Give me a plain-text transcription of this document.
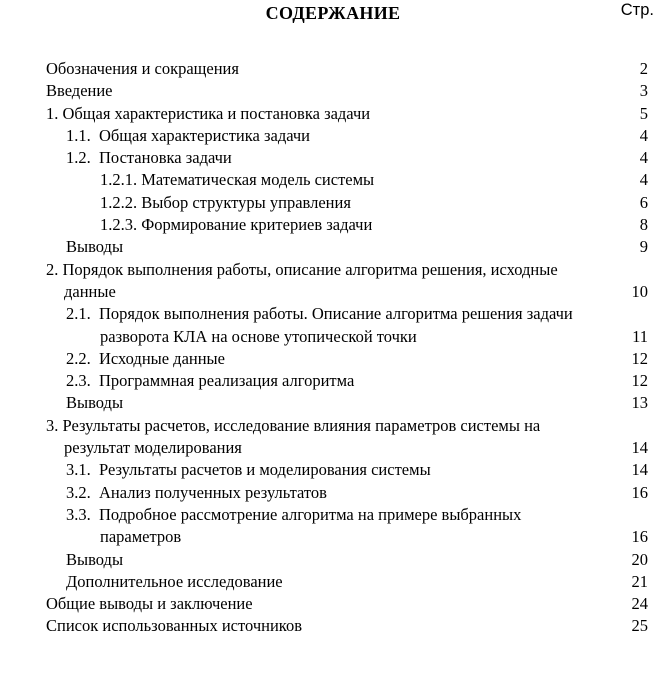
СОДЕРЖАНИЕ	Стр.
Обозначения и сокращения	2
Введение	3
1. Общая характеристика и постановка задачи	5
1.1.  Общая характеристика задачи	4
1.2.  Постановка задачи	4
1.2.1. Математическая модель системы	4
1.2.2. Выбор структуры управления	6
1.2.3. Формирование критериев задачи	8
Выводы	9
2. Порядок выполнения работы, описание алгоритма решения, исходные
данные	10
2.1.  Порядок выполнения работы. Описание алгоритма решения задачи
разворота КЛА на основе утопической точки	11
2.2.  Исходные данные	12
2.3.  Программная реализация алгоритма	12
Выводы	13
3. Результаты расчетов, исследование влияния параметров системы на
результат моделирования	14
3.1.  Результаты расчетов и моделирования системы	14
3.2.  Анализ полученных результатов	16
3.3.  Подробное рассмотрение алгоритма на примере выбранных
параметров	16
Выводы	20
Дополнительное исследование	21
Общие выводы и заключение	24
Список использованных источников	25
